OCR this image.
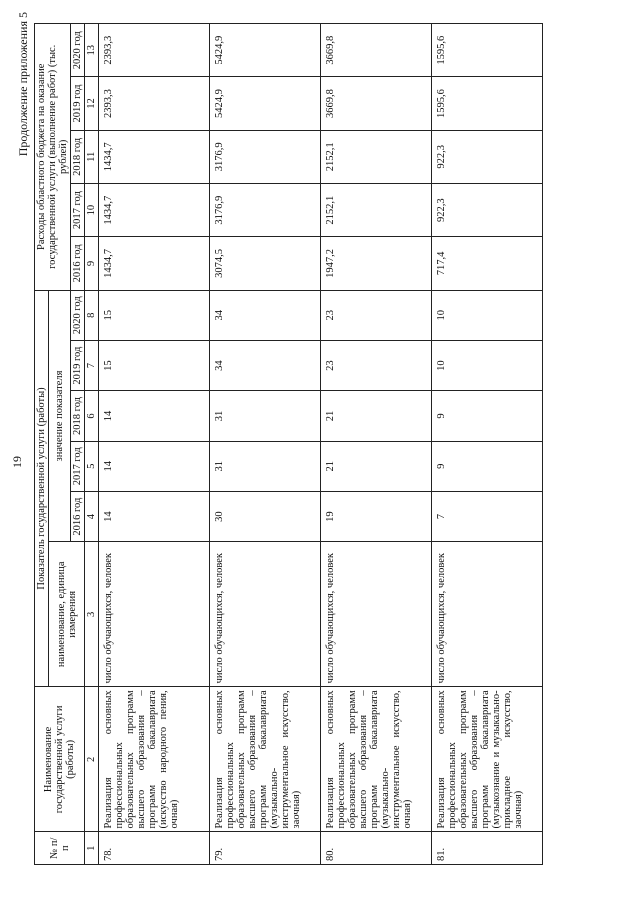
19
Продолжение приложения 5
№ п/п	Наименование государственной услуги (работы)	Показатель государственной услуги (работы)						Расходы областного бюджета на оказание государственной услуги (выполнение работ) (тыс. рублей)				
		наименование, единица измерения	значение показателя									
			2016 год	2017 год	2018 год	2019 год	2020 год	2016 год	2017 год	2018 год	2019 год	2020 год
1	2	3	4	5	6	7	8	9	10	11	12	13
78.	Реализация основных профессиональных образовательных программ высшего образования – программ бакалавриата (искусство народного пения, очная)	число обучающихся, человек	14	14	14	15	15	1434,7	1434,7	1434,7	2393,3	2393,3
79.	Реализация основных профессиональных образовательных программ высшего образования – программ бакалавриата (музыкально-инструментальное искусство, заочная)	число обучающихся, человек	30	31	31	34	34	3074,5	3176,9	3176,9	5424,9	5424,9
80.	Реализация основных профессиональных образовательных программ высшего образования – программ бакалавриата (музыкально-инструментальное искусство, очная)	число обучающихся, человек	19	21	21	23	23	1947,2	2152,1	2152,1	3669,8	3669,8
81.	Реализация основных профессиональных образовательных программ высшего образования – программ бакалавриата (музыкознание и музыкально-прикладное искусство, заочная)	число обучающихся, человек	7	9	9	10	10	717,4	922,3	922,3	1595,6	1595,6
